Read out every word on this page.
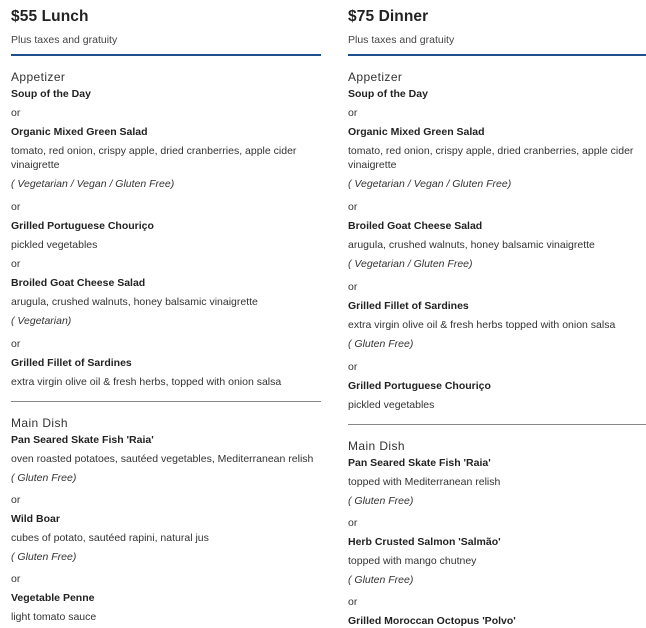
$55 Lunch
Plus taxes and gratuity
Appetizer
Soup of the Day
or
Organic Mixed Green Salad
tomato, red onion, crispy apple, dried cranberries, apple cider vinaigrette
( Vegetarian / Vegan / Gluten Free)
or
Grilled Portuguese Chouriço
pickled vegetables
or
Broiled Goat Cheese Salad
arugula, crushed walnuts, honey balsamic vinaigrette
( Vegetarian)
or
Grilled Fillet of Sardines
extra virgin olive oil & fresh herbs, topped with onion salsa
Main Dish
Pan Seared Skate Fish 'Raia'
oven roasted potatoes, sautéed vegetables, Mediterranean relish
( Gluten Free)
or
Wild Boar
cubes of potato, sautéed rapini, natural jus
( Gluten Free)
or
Vegetable Penne
light tomato sauce
$75 Dinner
Plus taxes and gratuity
Appetizer
Soup of the Day
or
Organic Mixed Green Salad
tomato, red onion, crispy apple, dried cranberries, apple cider vinaigrette
( Vegetarian / Vegan / Gluten Free)
or
Broiled Goat Cheese Salad
arugula, crushed walnuts, honey balsamic vinaigrette
( Vegetarian / Gluten Free)
or
Grilled Fillet of Sardines
extra virgin olive oil & fresh herbs topped with onion salsa
( Gluten Free)
or
Grilled Portuguese Chouriço
pickled vegetables
Main Dish
Pan Seared Skate Fish 'Raia'
topped with Mediterranean relish
( Gluten Free)
or
Herb Crusted Salmon 'Salmão'
topped with mango chutney
( Gluten Free)
or
Grilled Moroccan Octopus 'Polvo'
